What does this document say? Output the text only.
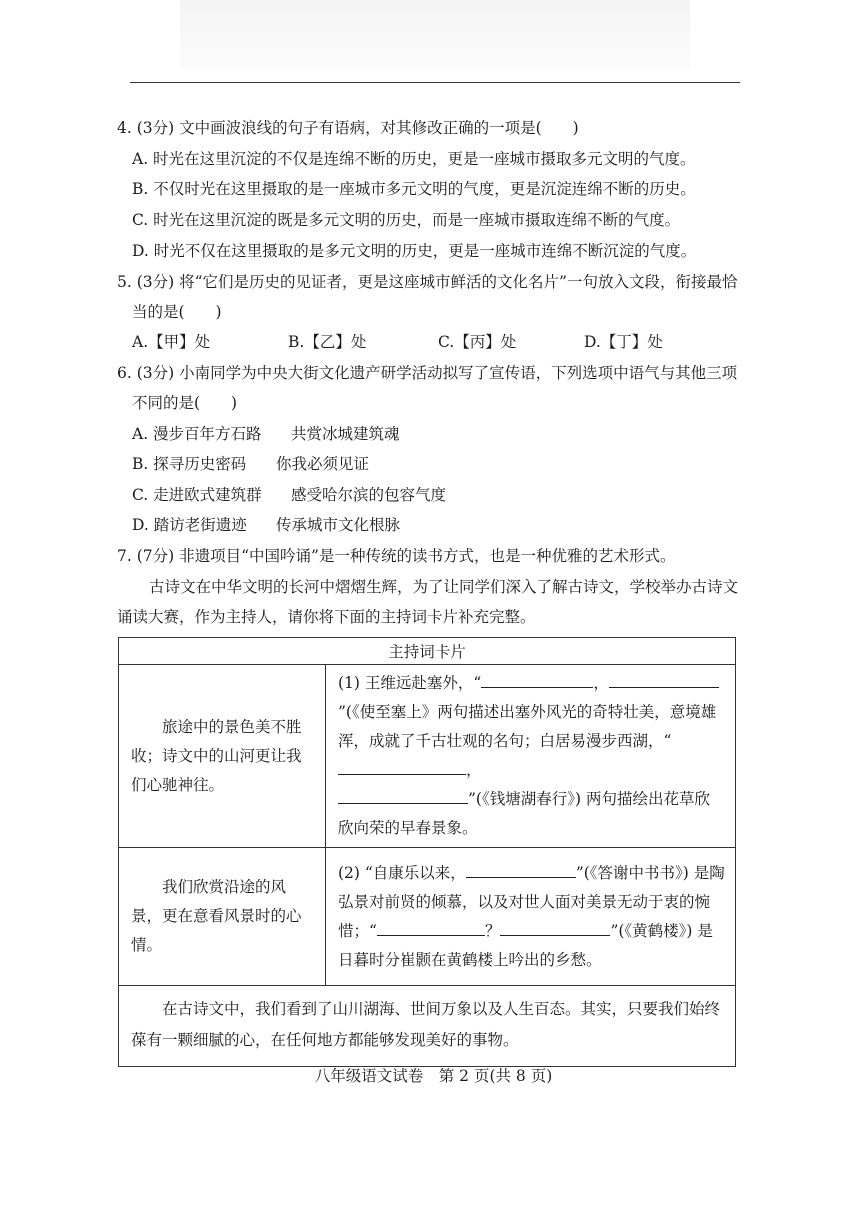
4. (3分) 文中画波浪线的句子有语病，对其修改正确的一项是(　　)
A. 时光在这里沉淀的不仅是连绵不断的历史，更是一座城市摄取多元文明的气度。
B. 不仅时光在这里摄取的是一座城市多元文明的气度，更是沉淀连绵不断的历史。
C. 时光在这里沉淀的既是多元文明的历史，而是一座城市摄取连绵不断的气度。
D. 时光不仅在这里摄取的是多元文明的历史，更是一座城市连绵不断沉淀的气度。
5. (3分) 将“它们是历史的见证者，更是这座城市鲜活的文化名片”一句放入文段，衔接最恰
当的是(　　)
A.【甲】处	B.【乙】处	C.【丙】处	D.【丁】处
6. (3分) 小南同学为中央大街文化遗产研学活动拟写了宣传语，下列选项中语气与其他三项
不同的是(　　)
A. 漫步百年方石路 共赏冰城建筑魂
B. 探寻历史密码 你我必须见证
C. 走进欧式建筑群 感受哈尔滨的包容气度
D. 踏访老街遗迹 传承城市文化根脉
7. (7分) 非遗项目“中国吟诵”是一种传统的读书方式，也是一种优雅的艺术形式。
古诗文在中华文明的长河中熠熠生辉，为了让同学们深入了解古诗文，学校举办古诗文
诵读大赛，作为主持人，请你将下面的主持词卡片补充完整。
主持词卡片	
旅途中的景色美不胜收；诗文中的山河更让我们心驰神往。	(1) 王维远赴塞外，“ ，”(《使至塞上》两句描述出塞外风光的奇特壮美，意境雄浑，成就了千古壮观的名句；白居易漫步西湖，“，
”(《钱塘湖春行》) 两句描绘出花草欣欣向荣的早春景象。
我们欣赏沿途的风景，更在意看风景时的心情。	(2) “自康乐以来， ”(《答谢中书书》) 是陶弘景对前贤的倾慕，以及对世人面对美景无动于衷的惋惜；“ ？ ”(《黄鹤楼》) 是日暮时分崔颢在黄鹤楼上吟出的乡愁。
在古诗文中，我们看到了山川湖海、世间万象以及人生百态。其实，只要我们始终葆有一颗细腻的心，在任何地方都能够发现美好的事物。	
八年级语文试卷　第 2 页(共 8 页)
